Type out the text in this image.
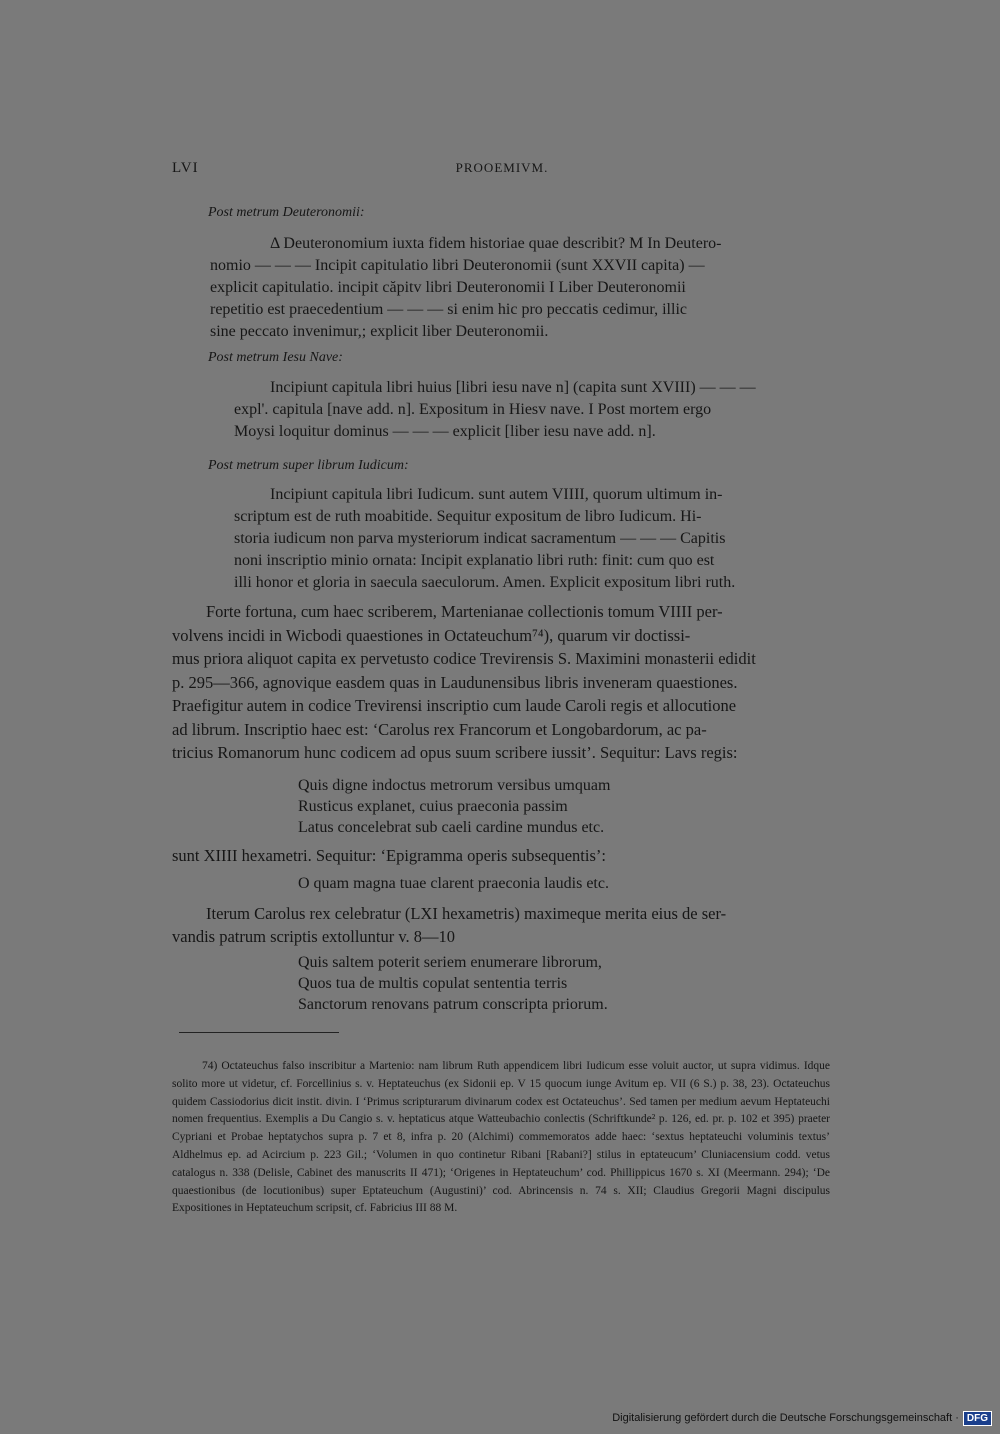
LVI	PROOEMIVM.
Post metrum Deuteronomii:
Δ Deuteronomium iuxta fidem historiae quae describit? M In Deutero-
nomio — — — Incipit capitulatio libri Deuteronomii (sunt XXVII capita) —
explicit capitulatio. incipit căpitv libri Deuteronomii I Liber Deuteronomii
repetitio est praecedentium — — — si enim hic pro peccatis cedimur, illic
sine peccato invenimur,; explicit liber Deuteronomii.
Post metrum Iesu Nave:
Incipiunt capitula libri huius [libri iesu nave n] (capita sunt XVIII) — — —
expl'. capitula [nave add. n]. Expositum in Hiesv nave. I Post mortem ergo
Moysi loquitur dominus — — — explicit [liber iesu nave add. n].
Post metrum super librum Iudicum:
Incipiunt capitula libri Iudicum. sunt autem VIIII, quorum ultimum in-
scriptum est de ruth moabitide. Sequitur expositum de libro Iudicum. Hi-
storia iudicum non parva mysteriorum indicat sacramentum — — — Capitis
noni inscriptio minio ornata: Incipit explanatio libri ruth: finit: cum quo est
illi honor et gloria in saecula saeculorum. Amen. Explicit expositum libri ruth.
Forte fortuna, cum haec scriberem, Martenianae collectionis tomum VIIII per-
volvens incidi in Wicbodi quaestiones in Octateuchum⁷⁴), quarum vir doctissi-
mus priora aliquot capita ex pervetusto codice Trevirensis S. Maximini monasterii edidit
p. 295—366, agnovique easdem quas in Laudunensibus libris inveneram quaestiones.
Praefigitur autem in codice Trevirensi inscriptio cum laude Caroli regis et allocutione
ad librum. Inscriptio haec est: ‘Carolus rex Francorum et Longobardorum, ac pa-
tricius Romanorum hunc codicem ad opus suum scribere iussit’. Sequitur: Lavs regis:
Quis digne indoctus metrorum versibus umquam
Rusticus explanet, cuius praeconia passim
Latus concelebrat sub caeli cardine mundus etc.
sunt XIIII hexametri. Sequitur: ‘Epigramma operis subsequentis’:
O quam magna tuae clarent praeconia laudis etc.
Iterum Carolus rex celebratur (LXI hexametris) maximeque merita eius de ser-
vandis patrum scriptis extolluntur v. 8—10
Quis saltem poterit seriem enumerare librorum,
Quos tua de multis copulat sententia terris
Sanctorum renovans patrum conscripta priorum.

74) Octateuchus falso inscribitur a Martenio: nam librum Ruth appendicem libri Iudicum esse voluit auctor, ut supra vidimus. Idque solito more ut videtur, cf. Forcellinius s. v. Heptateuchus (ex Sidonii ep. V 15 quocum iunge Avitum ep. VII (6 S.) p. 38, 23). Octateuchus quidem Cassiodorius dicit instit. divin. I ‘Primus scripturarum divinarum codex est Octateuchus’. Sed tamen per medium aevum Heptateuchi nomen frequentius. Exemplis a Du Cangio s. v. heptaticus atque Watteubachio conlectis (Schriftkunde² p. 126, ed. pr. p. 102 et 395) praeter Cypriani et Probae heptatychos supra p. 7 et 8, infra p. 20 (Alchimi) commemoratos adde haec: ‘sextus heptateuchi voluminis textus’ Aldhelmus ep. ad Acircium p. 223 Gil.; ‘Volumen in quo continetur Ribani [Rabani?] stilus in eptateucum’ Cluniacensium codd. vetus catalogus n. 338 (Delisle, Cabinet des manuscrits II 471); ‘Origenes in Heptateuchum’ cod. Phillippicus 1670 s. XI (Meermann. 294); ‘De quaestionibus (de locutionibus) super Eptateuchum (Augustini)’ cod. Abrincensis n. 74 s. XII; Claudius Gregorii Magni discipulus Expositiones in Heptateuchum scripsit, cf. Fabricius III 88 M.

Digitalisierung gefördert durch die Deutsche Forschungsgemeinschaft · DFG
